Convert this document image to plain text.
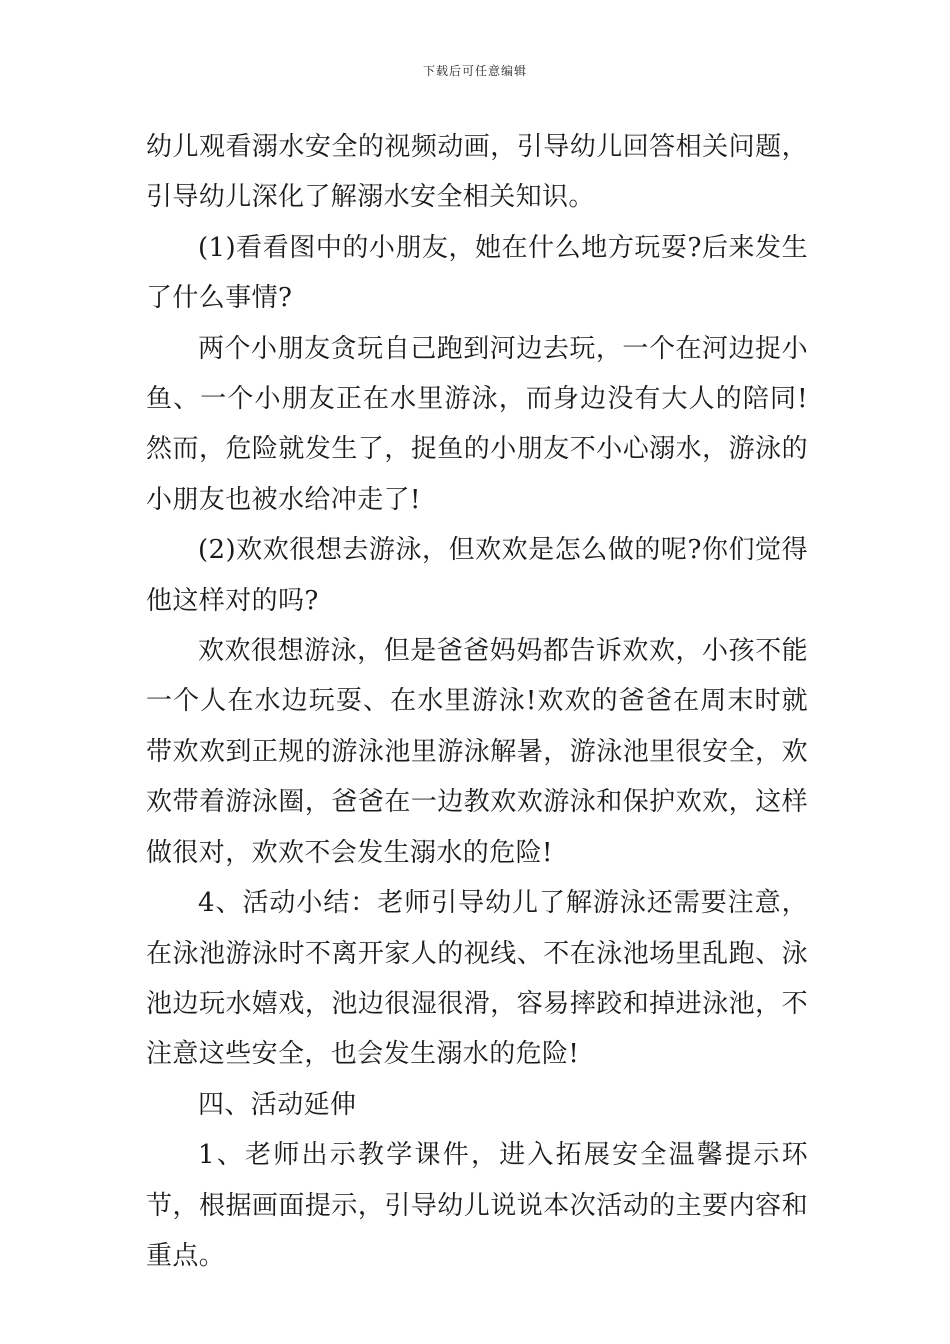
下载后可任意编辑

幼儿观看溺水安全的视频动画，引导幼儿回答相关问题，引导幼儿深化了解溺水安全相关知识。

(1)看看图中的小朋友，她在什么地方玩耍?后来发生了什么事情?

两个小朋友贪玩自己跑到河边去玩，一个在河边捉小鱼、一个小朋友正在水里游泳，而身边没有大人的陪同!然而，危险就发生了，捉鱼的小朋友不小心溺水，游泳的小朋友也被水给冲走了!

(2)欢欢很想去游泳，但欢欢是怎么做的呢?你们觉得他这样对的吗?

欢欢很想游泳，但是爸爸妈妈都告诉欢欢，小孩不能一个人在水边玩耍、在水里游泳!欢欢的爸爸在周末时就带欢欢到正规的游泳池里游泳解暑，游泳池里很安全，欢欢带着游泳圈，爸爸在一边教欢欢游泳和保护欢欢，这样做很对，欢欢不会发生溺水的危险!

4、活动小结：老师引导幼儿了解游泳还需要注意，在泳池游泳时不离开家人的视线、不在泳池场里乱跑、泳池边玩水嬉戏，池边很湿很滑，容易摔跤和掉进泳池，不注意这些安全，也会发生溺水的危险!

四、活动延伸

1、老师出示教学课件，进入拓展安全温馨提示环节，根据画面提示，引导幼儿说说本次活动的主要内容和重点。
